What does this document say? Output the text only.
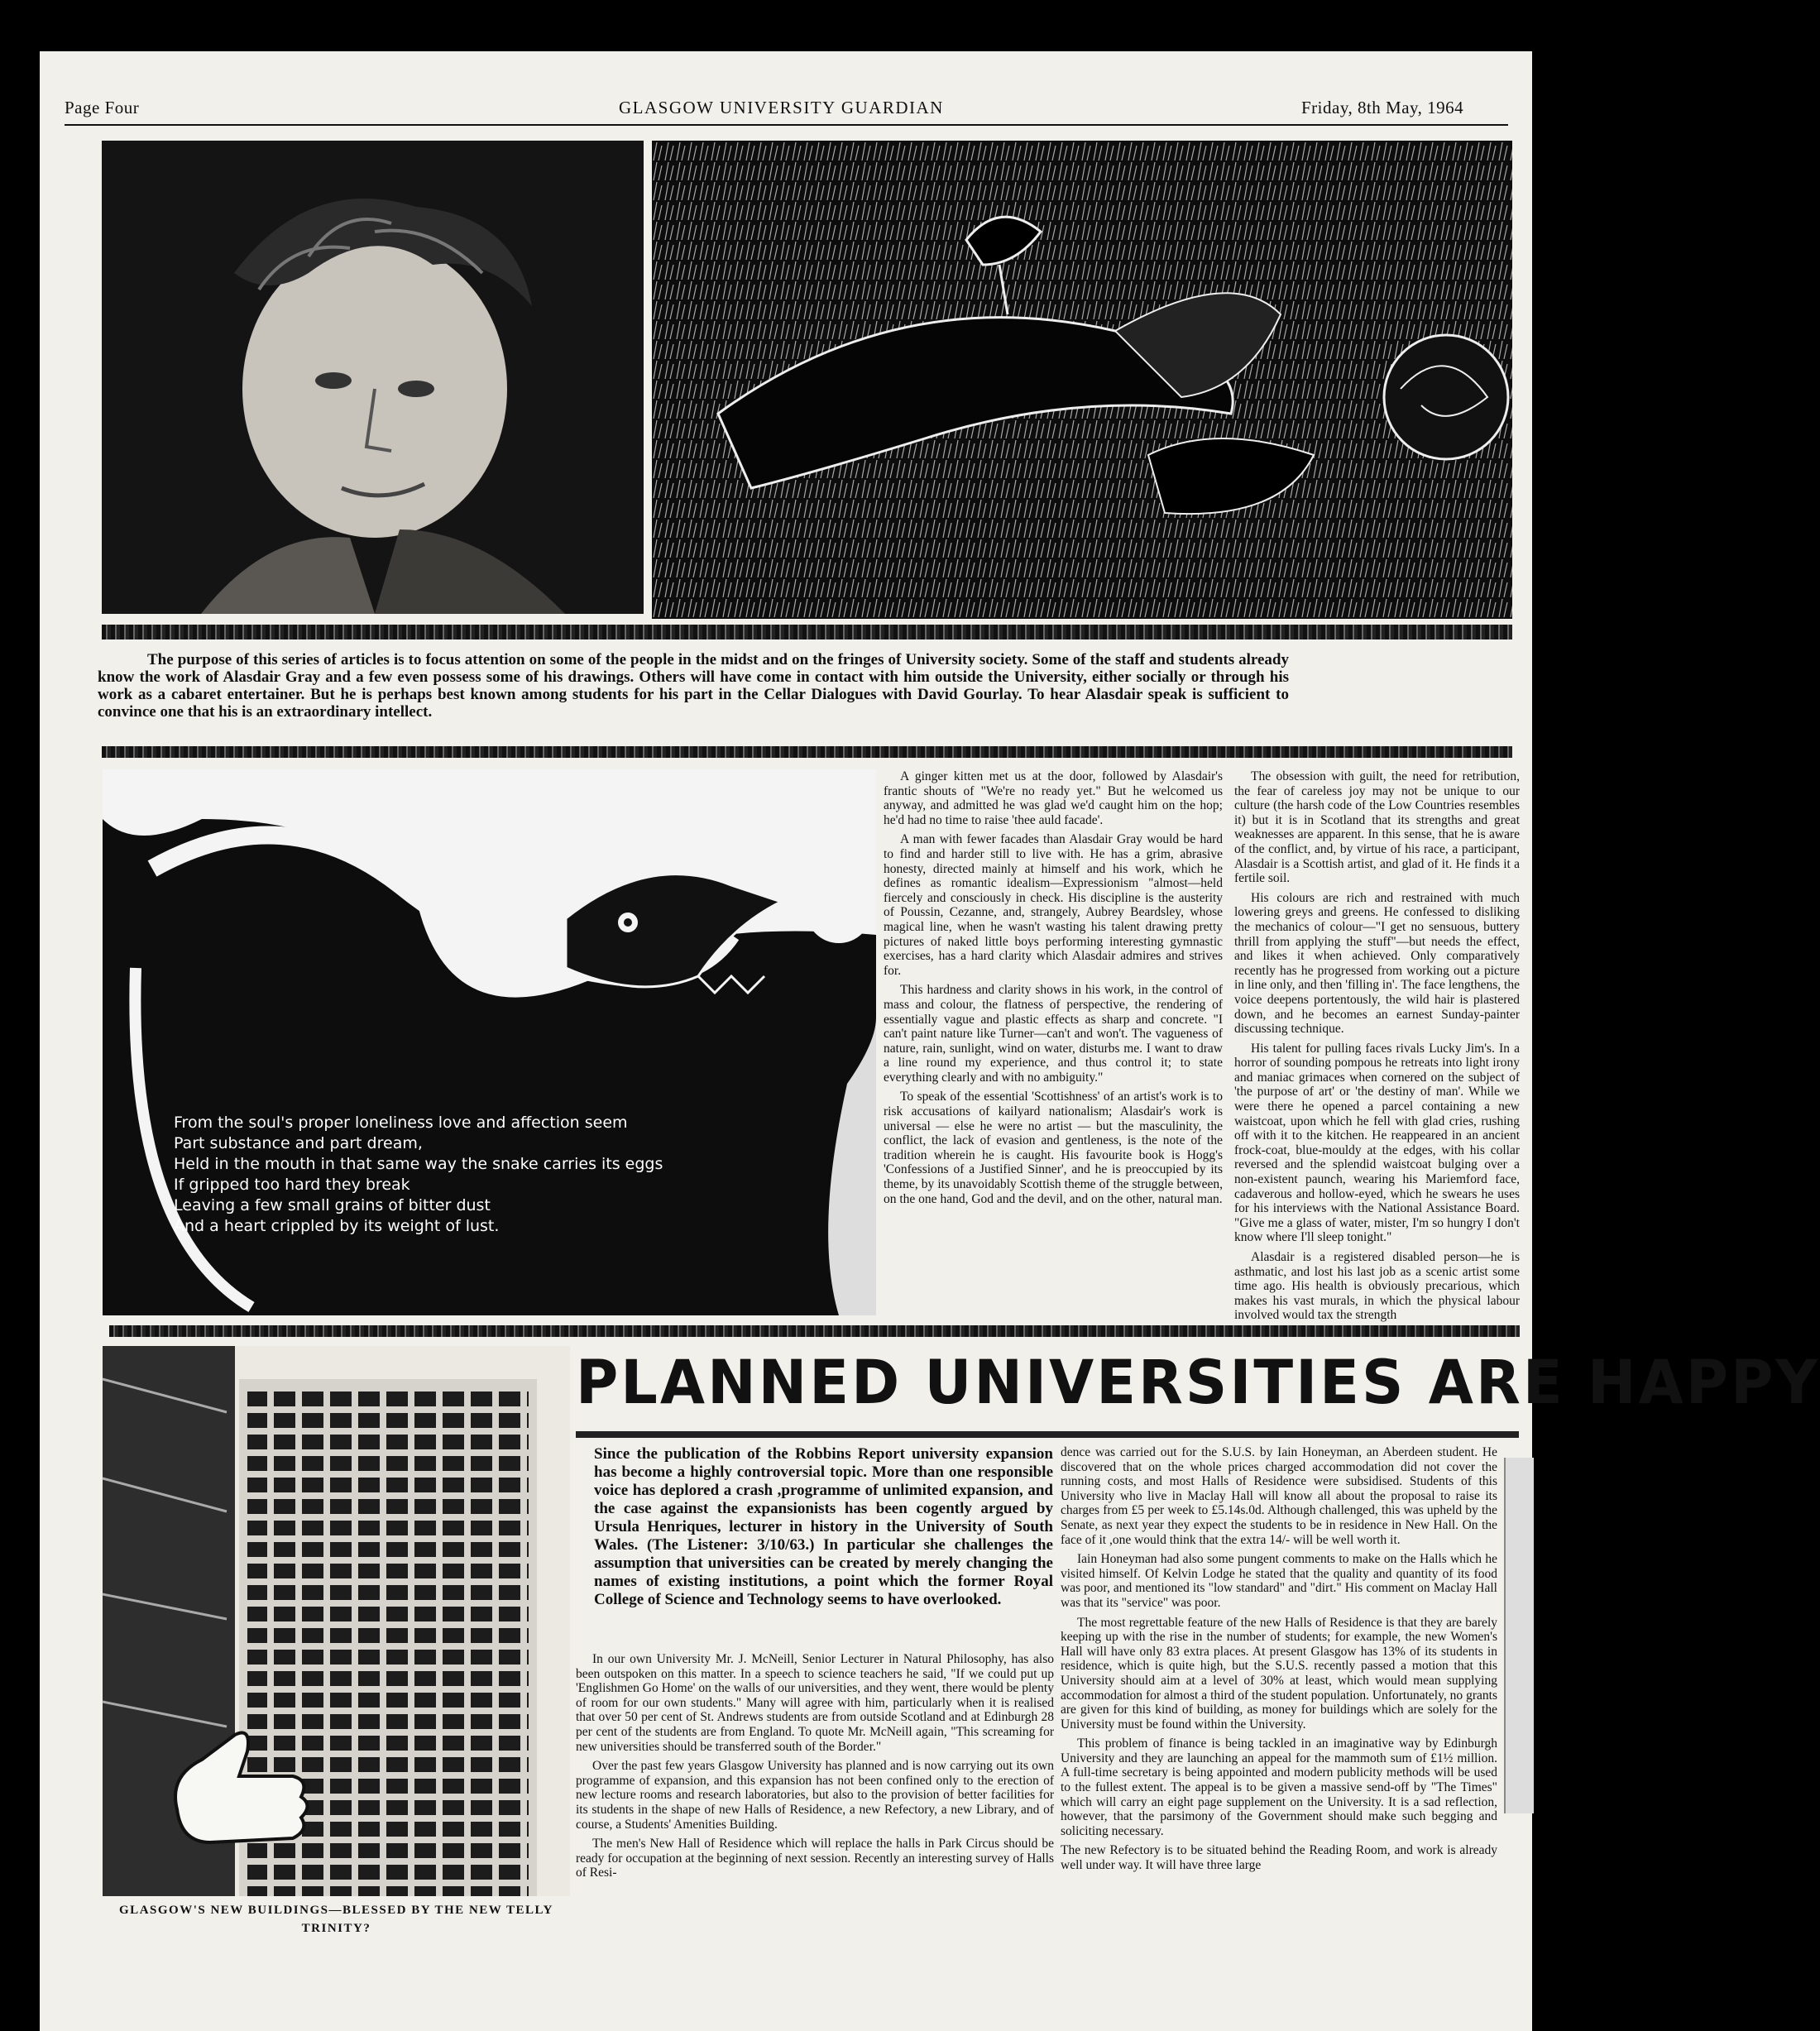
Page Four	GLASGOW UNIVERSITY GUARDIAN	Friday, 8th May, 1964

The purpose of this series of articles is to focus attention on some of the people in the midst and on the fringes of University society. Some of the staff and students already know the work of Alasdair Gray and a few even possess some of his drawings. Others will have come in contact with him outside the University, either socially or through his work as a cabaret entertainer. But he is perhaps best known among students for his part in the Cellar Dialogues with David Gourlay. To hear Alasdair speak is sufficient to convince one that his is an extraordinary intellect.

From the soul's proper loneliness love and affection seem
Part substance and part dream,
Held in the mouth in that same way the snake carries its eggs
If gripped too hard they break
Leaving a few small grains of bitter dust
And a heart crippled by its weight of lust.

A ginger kitten met us at the door, followed by Alasdair's frantic shouts of "We're no ready yet." But he welcomed us anyway, and admitted he was glad we'd caught him on the hop; he'd had no time to raise 'thee auld facade'.

A man with fewer facades than Alasdair Gray would be hard to find and harder still to live with. He has a grim, abrasive honesty, directed mainly at himself and his work, which he defines as romantic idealism—Expressionism "almost—held fiercely and consciously in check. His discipline is the austerity of Poussin, Cezanne, and, strangely, Aubrey Beardsley, whose magical line, when he wasn't wasting his talent drawing pretty pictures of naked little boys performing interesting gymnastic exercises, has a hard clarity which Alasdair admires and strives for.

This hardness and clarity shows in his work, in the control of mass and colour, the flatness of perspective, the rendering of essentially vague and plastic effects as sharp and concrete. "I can't paint nature like Turner—can't and won't. The vagueness of nature, rain, sunlight, wind on water, disturbs me. I want to draw a line round my experience, and thus control it; to state everything clearly and with no ambiguity."

To speak of the essential 'Scottishness' of an artist's work is to risk accusations of kailyard nationalism; Alasdair's work is universal — else he were no artist — but the masculinity, the conflict, the lack of evasion and gentleness, is the note of the tradition wherein he is caught. His favourite book is Hogg's 'Confessions of a Justified Sinner', and he is preoccupied by its theme, by its unavoidably Scottish theme of the struggle between, on the one hand, God and the devil, and on the other, natural man.

The obsession with guilt, the need for retribution, the fear of careless joy may not be unique to our culture (the harsh code of the Low Countries resembles it) but it is in Scotland that its strengths and great weaknesses are apparent. In this sense, that he is aware of the conflict, and, by virtue of his race, a participant, Alasdair is a Scottish artist, and glad of it. He finds it a fertile soil.

His colours are rich and restrained with much lowering greys and greens. He confessed to disliking the mechanics of colour—"I get no sensuous, buttery thrill from applying the stuff"—but needs the effect, and likes it when achieved. Only comparatively recently has he progressed from working out a picture in line only, and then 'filling in'. The face lengthens, the voice deepens portentously, the wild hair is plastered down, and he becomes an earnest Sunday-painter discussing technique.

His talent for pulling faces rivals Lucky Jim's. In a horror of sounding pompous he retreats into light irony and maniac grimaces when cornered on the subject of 'the purpose of art' or 'the destiny of man'. While we were there he opened a parcel containing a new waistcoat, upon which he fell with glad cries, rushing off with it to the kitchen. He reappeared in an ancient frock-coat, blue-mouldy at the edges, with his collar reversed and the splendid waistcoat bulging over a non-existent paunch, wearing his Mariemford face, cadaverous and hollow-eyed, which he swears he uses for his interviews with the National Assistance Board. "Give me a glass of water, mister, I'm so hungry I don't know where I'll sleep tonight."

Alasdair is a registered disabled person—he is asthmatic, and lost his last job as a scenic artist some time ago. His health is obviously precarious, which makes his vast murals, in which the physical labour involved would tax the strength

GLASGOW'S NEW BUILDINGS—BLESSED BY THE NEW TELLY TRINITY?
PLANNED UNIVERSITIES ARE HAPPY
Since the publication of the Robbins Report university expansion has become a highly controversial topic. More than one responsible voice has deplored a crash ,programme of unlimited expansion, and the case against the expansionists has been cogently argued by Ursula Henriques, lecturer in history in the University of South Wales. (The Listener: 3/10/63.) In particular she challenges the assumption that universities can be created by merely changing the names of existing institutions, a point which the former Royal College of Science and Technology seems to have overlooked.

In our own University Mr. J. McNeill, Senior Lecturer in Natural Philosophy, has also been outspoken on this matter. In a speech to science teachers he said, "If we could put up 'Englishmen Go Home' on the walls of our universities, and they went, there would be plenty of room for our own students." Many will agree with him, particularly when it is realised that over 50 per cent of St. Andrews students are from outside Scotland and at Edinburgh 28 per cent of the students are from England. To quote Mr. McNeill again, "This screaming for new universities should be transferred south of the Border."

Over the past few years Glasgow University has planned and is now carrying out its own programme of expansion, and this expansion has not been confined only to the erection of new lecture rooms and research laboratories, but also to the provision of better facilities for its students in the shape of new Halls of Residence, a new Refectory, a new Library, and of course, a Students' Amenities Building.

The men's New Hall of Residence which will replace the halls in Park Circus should be ready for occupation at the beginning of next session. Recently an interesting survey of Halls of Resi-

dence was carried out for the S.U.S. by Iain Honeyman, an Aberdeen student. He discovered that on the whole prices charged accommodation did not cover the running costs, and most Halls of Residence were subsidised. Students of this University who live in Maclay Hall will know all about the proposal to raise its charges from £5 per week to £5.14s.0d. Although challenged, this was upheld by the Senate, as next year they expect the students to be in residence in New Hall. On the face of it ,one would think that the extra 14/- will be well worth it.

Iain Honeyman had also some pungent comments to make on the Halls which he visited himself. Of Kelvin Lodge he stated that the quality and quantity of its food was poor, and mentioned its "low standard" and "dirt." His comment on Maclay Hall was that its "service" was poor.

The most regrettable feature of the new Halls of Residence is that they are barely keeping up with the rise in the number of students; for example, the new Women's Hall will have only 83 extra places. At present Glasgow has 13% of its students in residence, which is quite high, but the S.U.S. recently passed a motion that this University should aim at a level of 30% at least, which would mean supplying accommodation for almost a third of the student population. Unfortunately, no grants are given for this kind of building, as money for buildings which are solely for the University must be found within the University.

This problem of finance is being tackled in an imaginative way by Edinburgh University and they are launching an appeal for the mammoth sum of £1½ million. A full-time secretary is being appointed and modern publicity methods will be used to the fullest extent. The appeal is to be given a massive send-off by "The Times" which will carry an eight page supplement on the University. It is a sad reflection, however, that the parsimony of the Government should make such begging and soliciting necessary.

The new Refectory is to be situated behind the Reading Room, and work is already well under way. It will have three large
